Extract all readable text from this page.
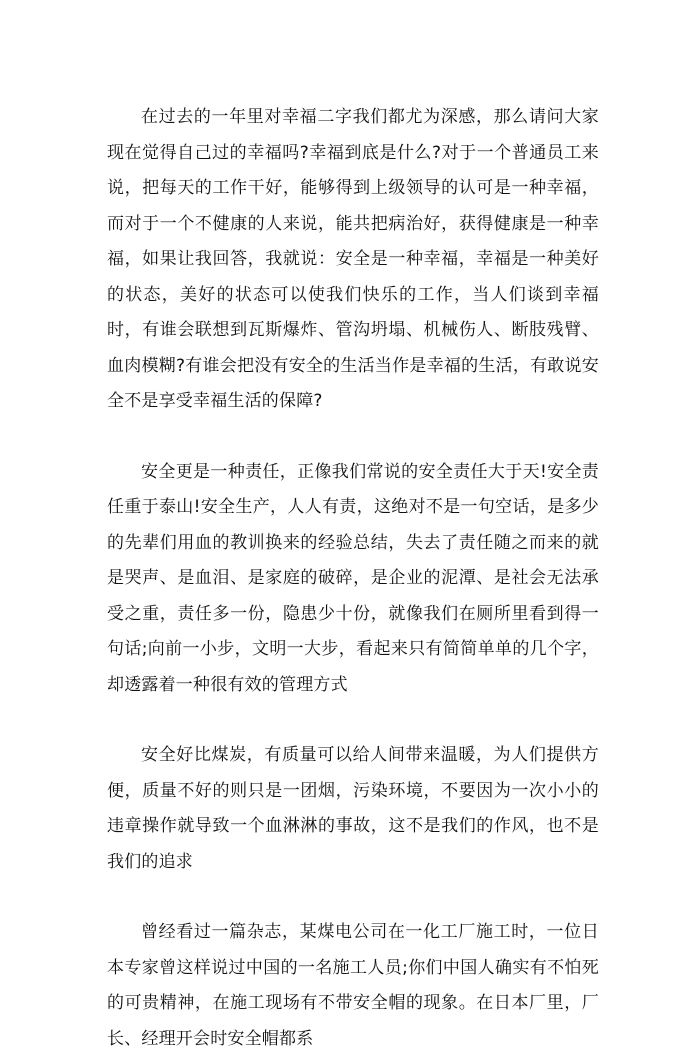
在过去的一年里对幸福二字我们都尤为深感，那么请问大家现在觉得自己过的幸福吗?幸福到底是什么?对于一个普通员工来说，把每天的工作干好，能够得到上级领导的认可是一种幸福，而对于一个不健康的人来说，能共把病治好，获得健康是一种幸福，如果让我回答，我就说：安全是一种幸福，幸福是一种美好的状态，美好的状态可以使我们快乐的工作，当人们谈到幸福时，有谁会联想到瓦斯爆炸、管沟坍塌、机械伤人、断肢残臂、血肉模糊?有谁会把没有安全的生活当作是幸福的生活，有敢说安全不是享受幸福生活的保障?

安全更是一种责任，正像我们常说的安全责任大于天!安全责任重于泰山!安全生产，人人有责，这绝对不是一句空话，是多少的先辈们用血的教训换来的经验总结，失去了责任随之而来的就是哭声、是血泪、是家庭的破碎，是企业的泥潭、是社会无法承受之重，责任多一份，隐患少十份，就像我们在厕所里看到得一句话;向前一小步，文明一大步，看起来只有简简单单的几个字，却透露着一种很有效的管理方式

安全好比煤炭，有质量可以给人间带来温暖，为人们提供方便，质量不好的则只是一团烟，污染环境，不要因为一次小小的违章操作就导致一个血淋淋的事故，这不是我们的作风，也不是我们的追求

曾经看过一篇杂志，某煤电公司在一化工厂施工时，一位日本专家曾这样说过中国的一名施工人员;你们中国人确实有不怕死的可贵精神，在施工现场有不带安全帽的现象。在日本厂里，厂长、经理开会时安全帽都系
